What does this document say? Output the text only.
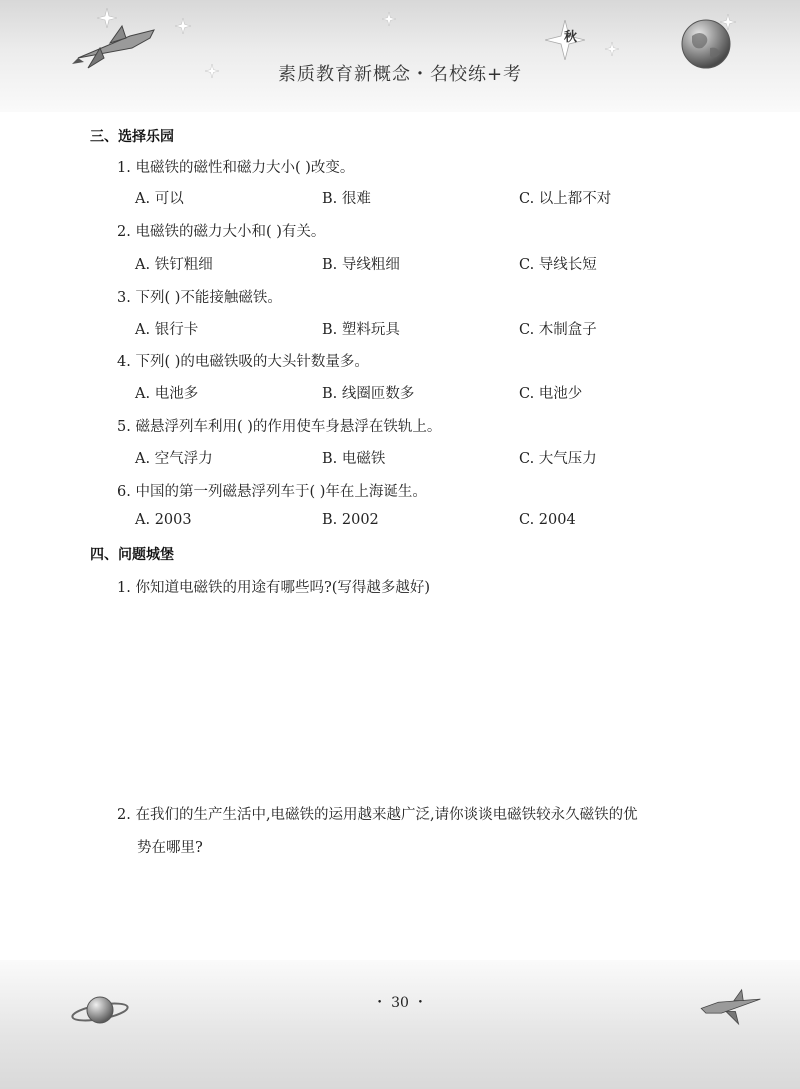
秋
素质教育新概念・名校练+考
三、选择乐园
1. 电磁铁的磁性和磁力大小( )改变。
A. 可以	B. 很难	C. 以上都不对
2. 电磁铁的磁力大小和( )有关。
A. 铁钉粗细	B. 导线粗细	C. 导线长短
3. 下列( )不能接触磁铁。
A. 银行卡	B. 塑料玩具	C. 木制盒子
4. 下列( )的电磁铁吸的大头针数量多。
A. 电池多	B. 线圈匝数多	C. 电池少
5. 磁悬浮列车利用( )的作用使车身悬浮在铁轨上。
A. 空气浮力	B. 电磁铁	C. 大气压力
6. 中国的第一列磁悬浮列车于( )年在上海诞生。
A. 2003	B. 2002	C. 2004
四、问题城堡
1. 你知道电磁铁的用途有哪些吗?(写得越多越好)
2. 在我们的生产生活中,电磁铁的运用越来越广泛,请你谈谈电磁铁较永久磁铁的优
势在哪里?
・ 30 ・
